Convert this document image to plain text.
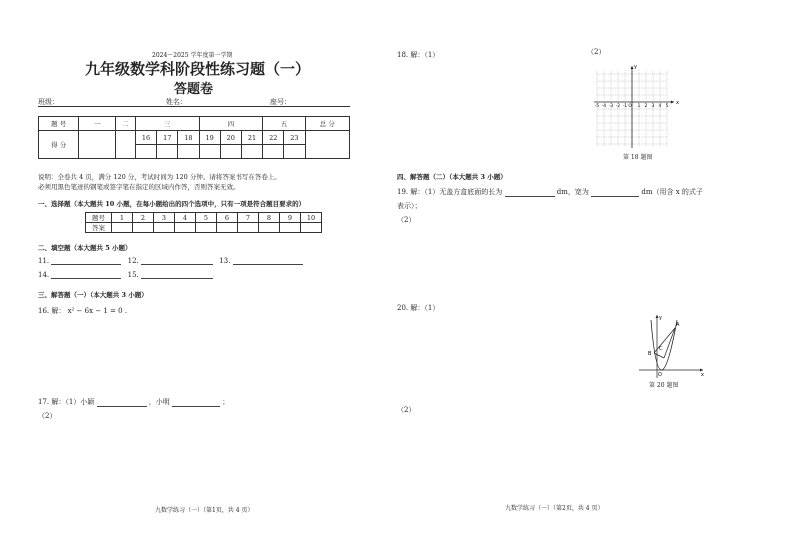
2024～2025 学年度第一学期
九年级数学科阶段性练习题（一）
答题卷
班级：	姓名：	座号：
题 号	一	二	三			四			五		总 分
得 分			16	17	18	19	20	21	22	23	

说明：全卷共 4 页，满分 120 分，考试时间为 120 分钟。请将答案书写在答卷上。
必须用黑色笔迹的钢笔或签字笔在指定的区域内作答，否则答案无效。
一、选择题（本大题共 10 小题，在每小题给出的四个选项中，只有一项是符合题目要求的）
题号	1	2	3	4	5	6	7	8	9	10
答案										
二、填空题（本大题共 5 小题）
11.	12.	13.
14.	15.
三、解答题（一）（本大题共 3 小题）
16. 解： x² − 6x − 1 = 0 .
17. 解：（1）小颖	，小明	；
（2）
九数学练习（一）（第1页，共 4 页）
18. 解：（1）	（2）
x
y
-5 -4 -3 -2 -1 O 1 2 3 4 5
第 18 题图
四、解答题（二）（本大题共 3 小题）
19. 解：（1）无盖方盒底面的长为	dm，宽为	dm（用含 x 的式子
表示）；
（2）
20. 解：（1）
y
x
O
A
B
C
第 20 题图
（2）
九数学练习（一）（第2页，共 4 页）
